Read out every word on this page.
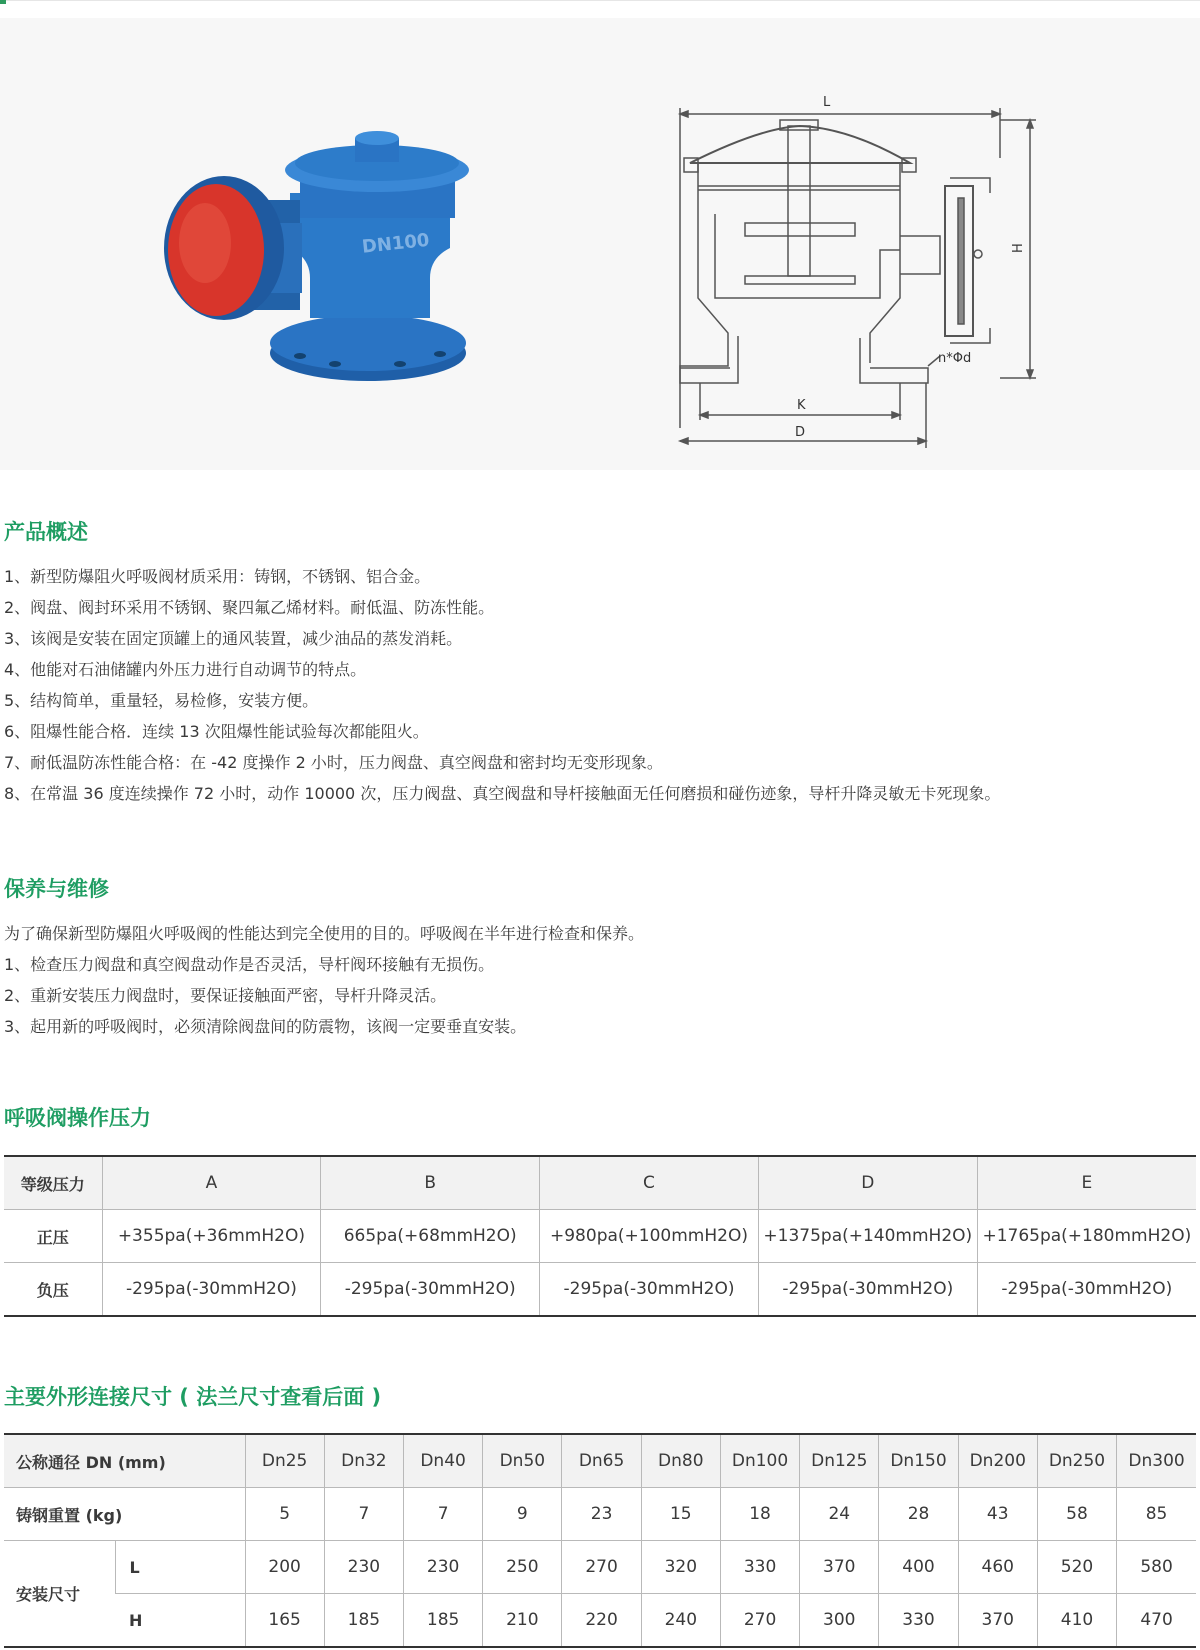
DN100
L
H
K
D
n*Φd
产品概述
1、新型防爆阻火呼吸阀材质采用：铸钢，不锈钢、铝合金。
2、阀盘、阀封环采用不锈钢、聚四氟乙烯材料。耐低温、防冻性能。
3、该阀是安装在固定顶罐上的通风装置，减少油品的蒸发消耗。
4、他能对石油储罐内外压力进行自动调节的特点。
5、结构简单，重量轻，易检修，安装方便。
6、阻爆性能合格．连续 13 次阻爆性能试验每次都能阻火。
7、耐低温防冻性能合格：在 -42 度操作 2 小时，压力阀盘、真空阀盘和密封均无变形现象。
8、在常温 36 度连续操作 72 小时，动作 10000 次，压力阀盘、真空阀盘和导杆接触面无任何磨损和碰伤迹象，导杆升降灵敏无卡死现象。
保养与维修
为了确保新型防爆阻火呼吸阀的性能达到完全使用的目的。呼吸阀在半年进行检查和保养。
1、检查压力阀盘和真空阀盘动作是否灵活，导杆阀环接触有无损伤。
2、重新安装压力阀盘时，要保证接触面严密，导杆升降灵活。
3、起用新的呼吸阀时，必须清除阀盘间的防震物，该阀一定要垂直安装。
呼吸阀操作压力
等级压力	A	B	C	D	E
正压	+355pa(+36mmH2O)	665pa(+68mmH2O)	+980pa(+100mmH2O)	+1375pa(+140mmH2O)	+1765pa(+180mmH2O)
负压	-295pa(-30mmH2O)	-295pa(-30mmH2O)	-295pa(-30mmH2O)	-295pa(-30mmH2O)	-295pa(-30mmH2O)
主要外形连接尺寸 ( 法兰尺寸查看后面 )
公称通径 DN (mm)		Dn25	Dn32	Dn40	Dn50	Dn65	Dn80	Dn100	Dn125	Dn150	Dn200	Dn250	Dn300
铸钢重置 (kg)		5	7	7	9	23	15	18	24	28	43	58	85
安装尺寸	L	200	230	230	250	270	320	330	370	400	460	520	580
	H	165	185	185	210	220	240	270	300	330	370	410	470
